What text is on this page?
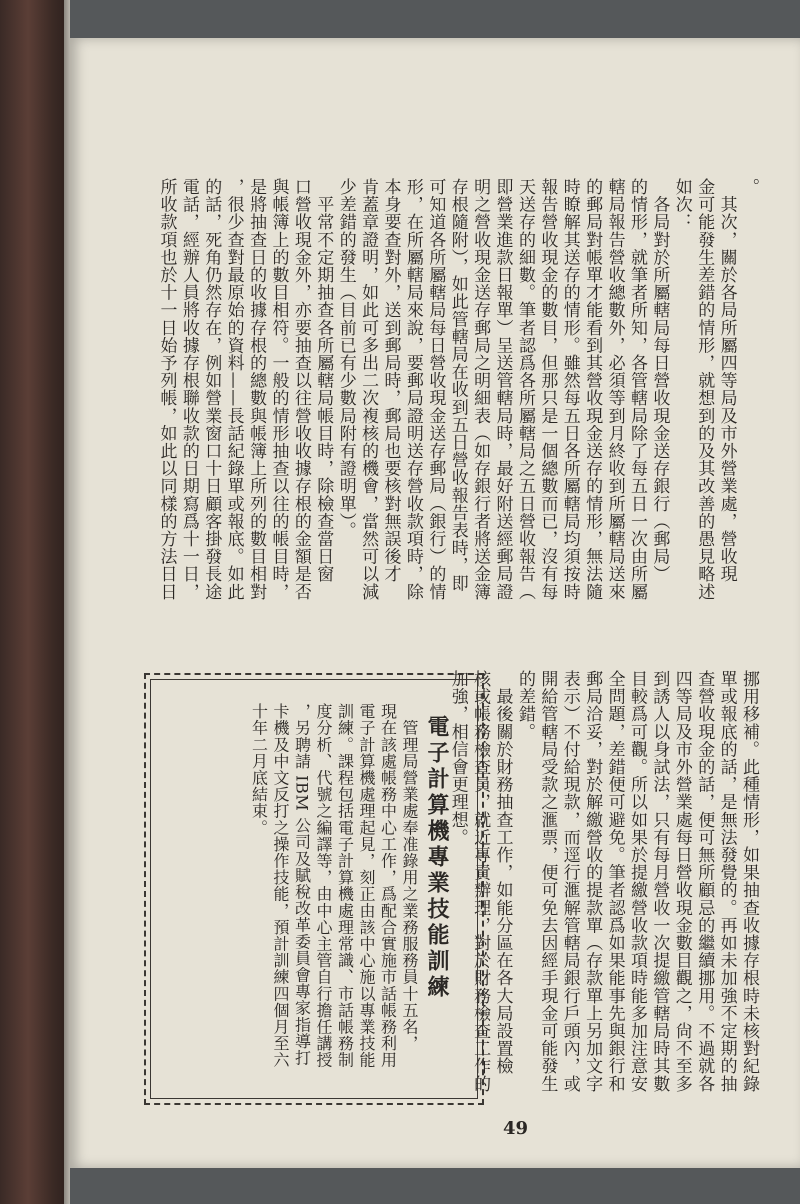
。
　其次，關於各局所屬四等局及市外營業處，營收現
金可能發生差錯的情形，就想到的及其改善的愚見略述
如次：
　各局對於所屬轄局每日營收現金送存銀行（郵局）
的情形，就筆者所知，各管轄局除了每五日一次由所屬
轄局報告營收總數外，必須等到月終收到所屬轄局送來
的郵局對帳單才能看到其營收現金送存的情形，無法隨
時瞭解其送存的情形。雖然每五日各所屬轄局均須按時
報告營收現金的數目，但那只是一個總數而已，沒有每
天送存的細數。筆者認爲各所屬轄局之五日營收報告（
即營業進款日報單）呈送管轄局時，最好附送經郵局證
明之營收現金送存郵局之明細表（如存銀行者將送金簿
存根隨附），如此管轄局在收到五日營收報告表時，即
可知道各所屬轄局每日營收現金送存郵局（銀行）的情
形，在所屬轄局來說，要郵局證明送存營收款項時，除
本身要查對外，送到郵局時，郵局也要核對無誤後才
肯蓋章證明，如此可多出二次複核的機會，當然可以減
少差錯的發生（目前已有少數局附有證明單）。
　平常不定期抽查各所屬轄局帳目時，除檢查當日窗
口營收現金外，亦要抽查以往營收收據存根的金額是否
與帳簿上的數目相符。一般的情形抽查以往的帳目時，
是將抽查日的收據存根的總數與帳簿上所列的數目相對
，很少查對最原始的資料——長話紀錄單或報底。如此
的話，死角仍然存在，例如營業窗口十日顧客掛發長途
電話，經辦人員將收據存根聯收款的日期寫爲十一日，
所收款項也於十一日始予列帳，如此以同樣的方法日日
挪用移補。此種情形，如果抽查收據存根時未核對紀錄
單或報底的話，是無法發覺的。再如未加強不定期的抽
查營收現金的話，便可無所顧忌的繼續挪用。不過就各
四等局及市外營業處每日營收現金數目觀之，尙不至多
到誘人以身試法，只有每月營收一次提繳管轄局時其數
目較爲可觀。所以如果於提繳營收款項時能多加注意安
全問題，差錯便可避免。筆者認爲如果能事先與銀行和
郵局洽妥，對於解繳營收的提款單（存款單上另加文字
表示）不付給現款，而逕行滙解管轄局銀行戶頭內，或
開給管轄局受款之滙票，便可免去因經手現金可能發生
的差錯。
　最後關於財務抽查工作，如能分區在各大局設置檢
核或帳務檢查員，就近專責辦理，對於財務檢查工作的
加強，相信會更理想。
電子計算機專業技能訓練
　管理局營業處奉准錄用之業務服務員十五名，
現在該處帳務中心工作，爲配合實施市話帳務利用
電子計算機處理起見，刻正由該中心施以專業技能
訓練。課程包括電子計算機處理常識、市話帳務制
度分析、代號之編譯等，由中心主管自行擔任講授
，另聘請 IBM 公司及賦稅改革委員會專家指導打
卡機及中文反打之操作技能，預計訓練四個月至六
十年二月底結束。
49
